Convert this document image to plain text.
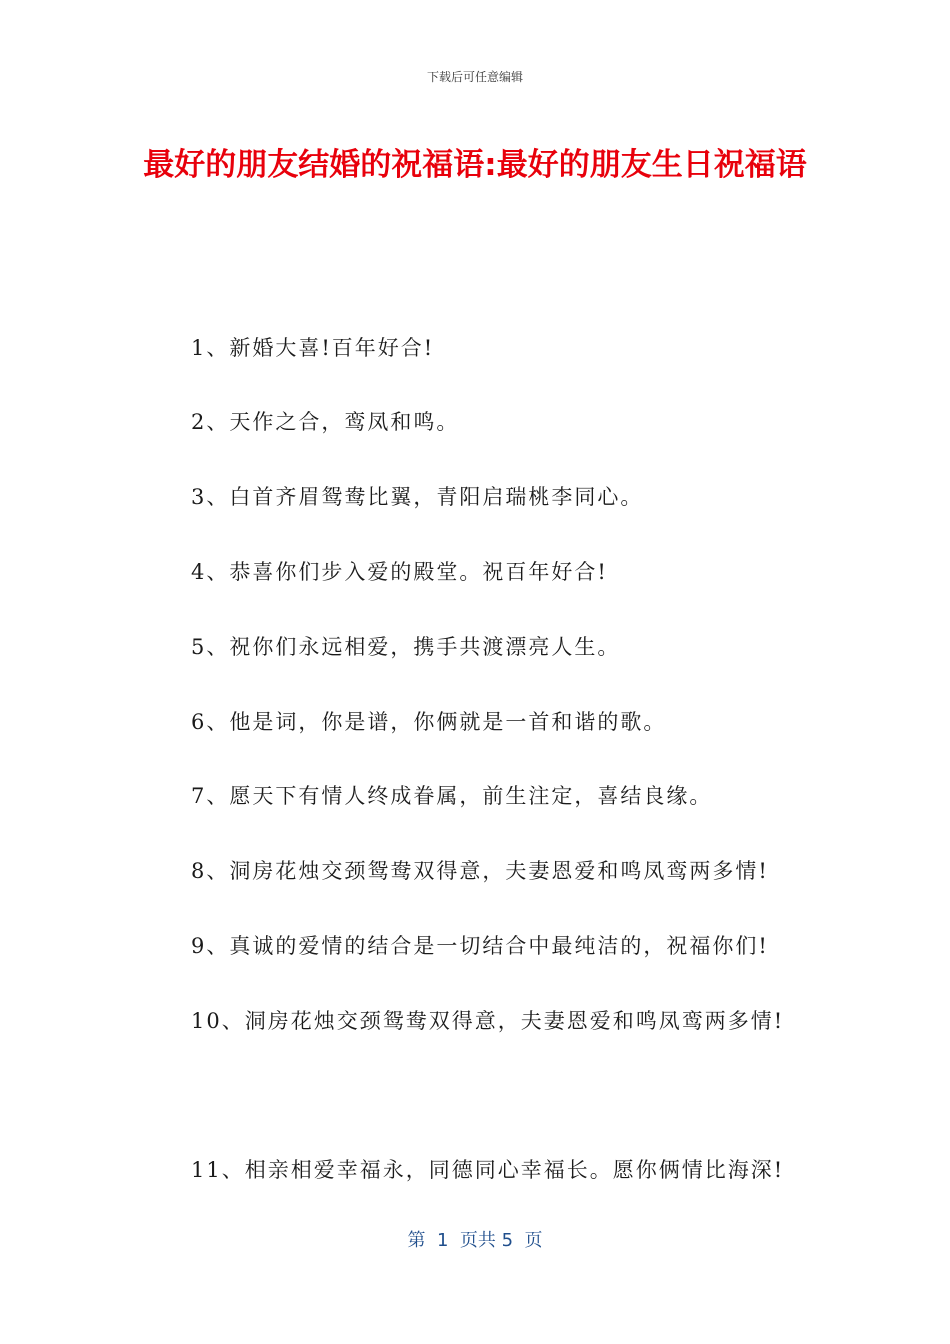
下载后可任意编辑
最好的朋友结婚的祝福语:最好的朋友生日祝福语
1、新婚大喜!百年好合!
2、天作之合，鸾凤和鸣。
3、白首齐眉鸳鸯比翼，青阳启瑞桃李同心。
4、恭喜你们步入爱的殿堂。祝百年好合!
5、祝你们永远相爱，携手共渡漂亮人生。
6、他是词，你是谱，你俩就是一首和谐的歌。
7、愿天下有情人终成眷属，前生注定，喜结良缘。
8、洞房花烛交颈鸳鸯双得意，夫妻恩爱和鸣凤鸾两多情!
9、真诚的爱情的结合是一切结合中最纯洁的，祝福你们!
10、洞房花烛交颈鸳鸯双得意，夫妻恩爱和鸣凤鸾两多情!
11、相亲相爱幸福永，同德同心幸福长。愿你俩情比海深!
第  1  页共 5  页
